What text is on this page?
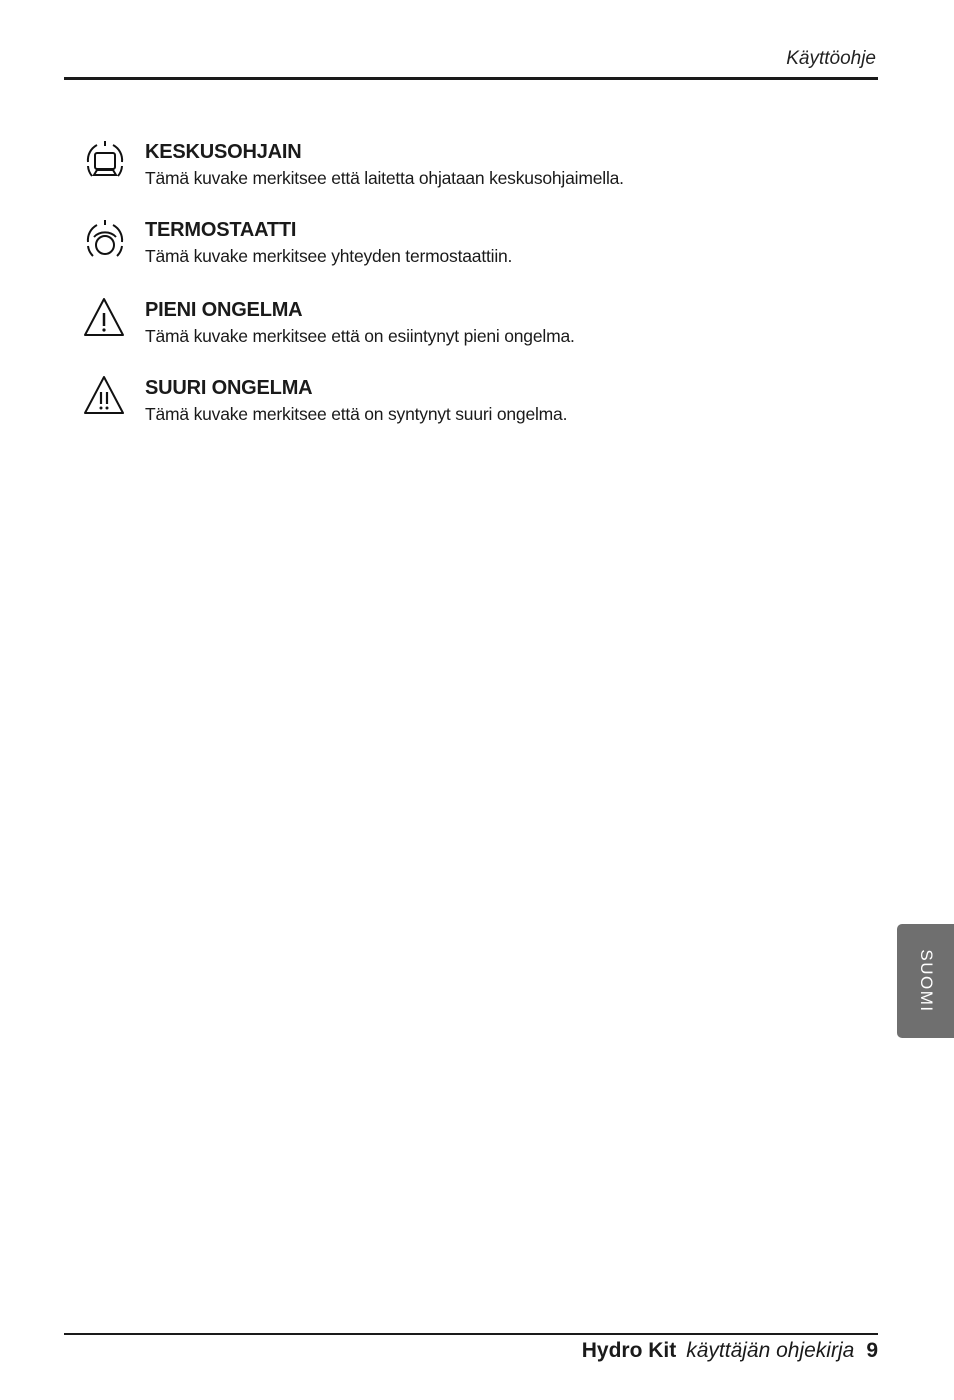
Käyttöohje
KESKUSOHJAIN
Tämä kuvake merkitsee että laitetta ohjataan keskusohjaimella.
TERMOSTAATTI
Tämä kuvake merkitsee yhteyden termostaattiin.
PIENI ONGELMA
Tämä kuvake merkitsee että on esiintynyt pieni ongelma.
SUURI ONGELMA
Tämä kuvake merkitsee että on syntynyt suuri ongelma.
SUOMI
Hydro Kit käyttäjän ohjekirja 9
